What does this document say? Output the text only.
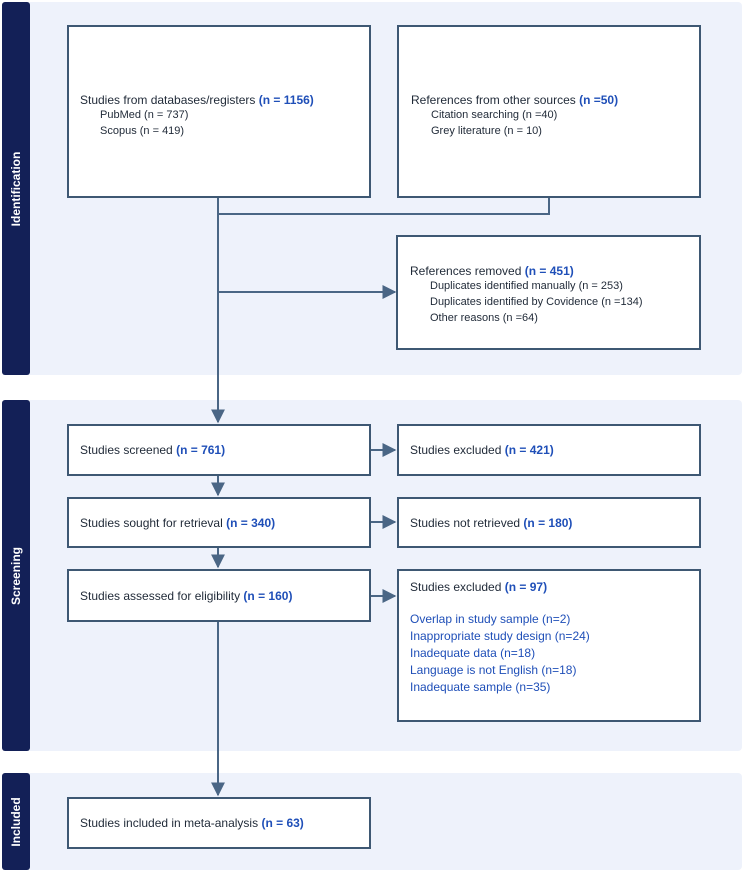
Identification
Screening
Included
Studies from databases/registers (n = 1156)
PubMed (n = 737)
Scopus (n = 419)
References from other sources (n =50)
Citation searching (n =40)
Grey literature (n = 10)
References removed (n = 451)
Duplicates identified manually (n = 253)
Duplicates identified by Covidence (n =134)
Other reasons (n =64)
Studies screened (n = 761)	Studies excluded (n = 421)
Studies sought for retrieval (n = 340)	Studies not retrieved (n = 180)
Studies assessed for eligibility (n = 160)
Studies excluded (n = 97)
Overlap in study sample (n=2)
Inappropriate study design (n=24)
Inadequate data (n=18)
Language is not English (n=18)
Inadequate sample (n=35)
Studies included in meta-analysis (n = 63)
